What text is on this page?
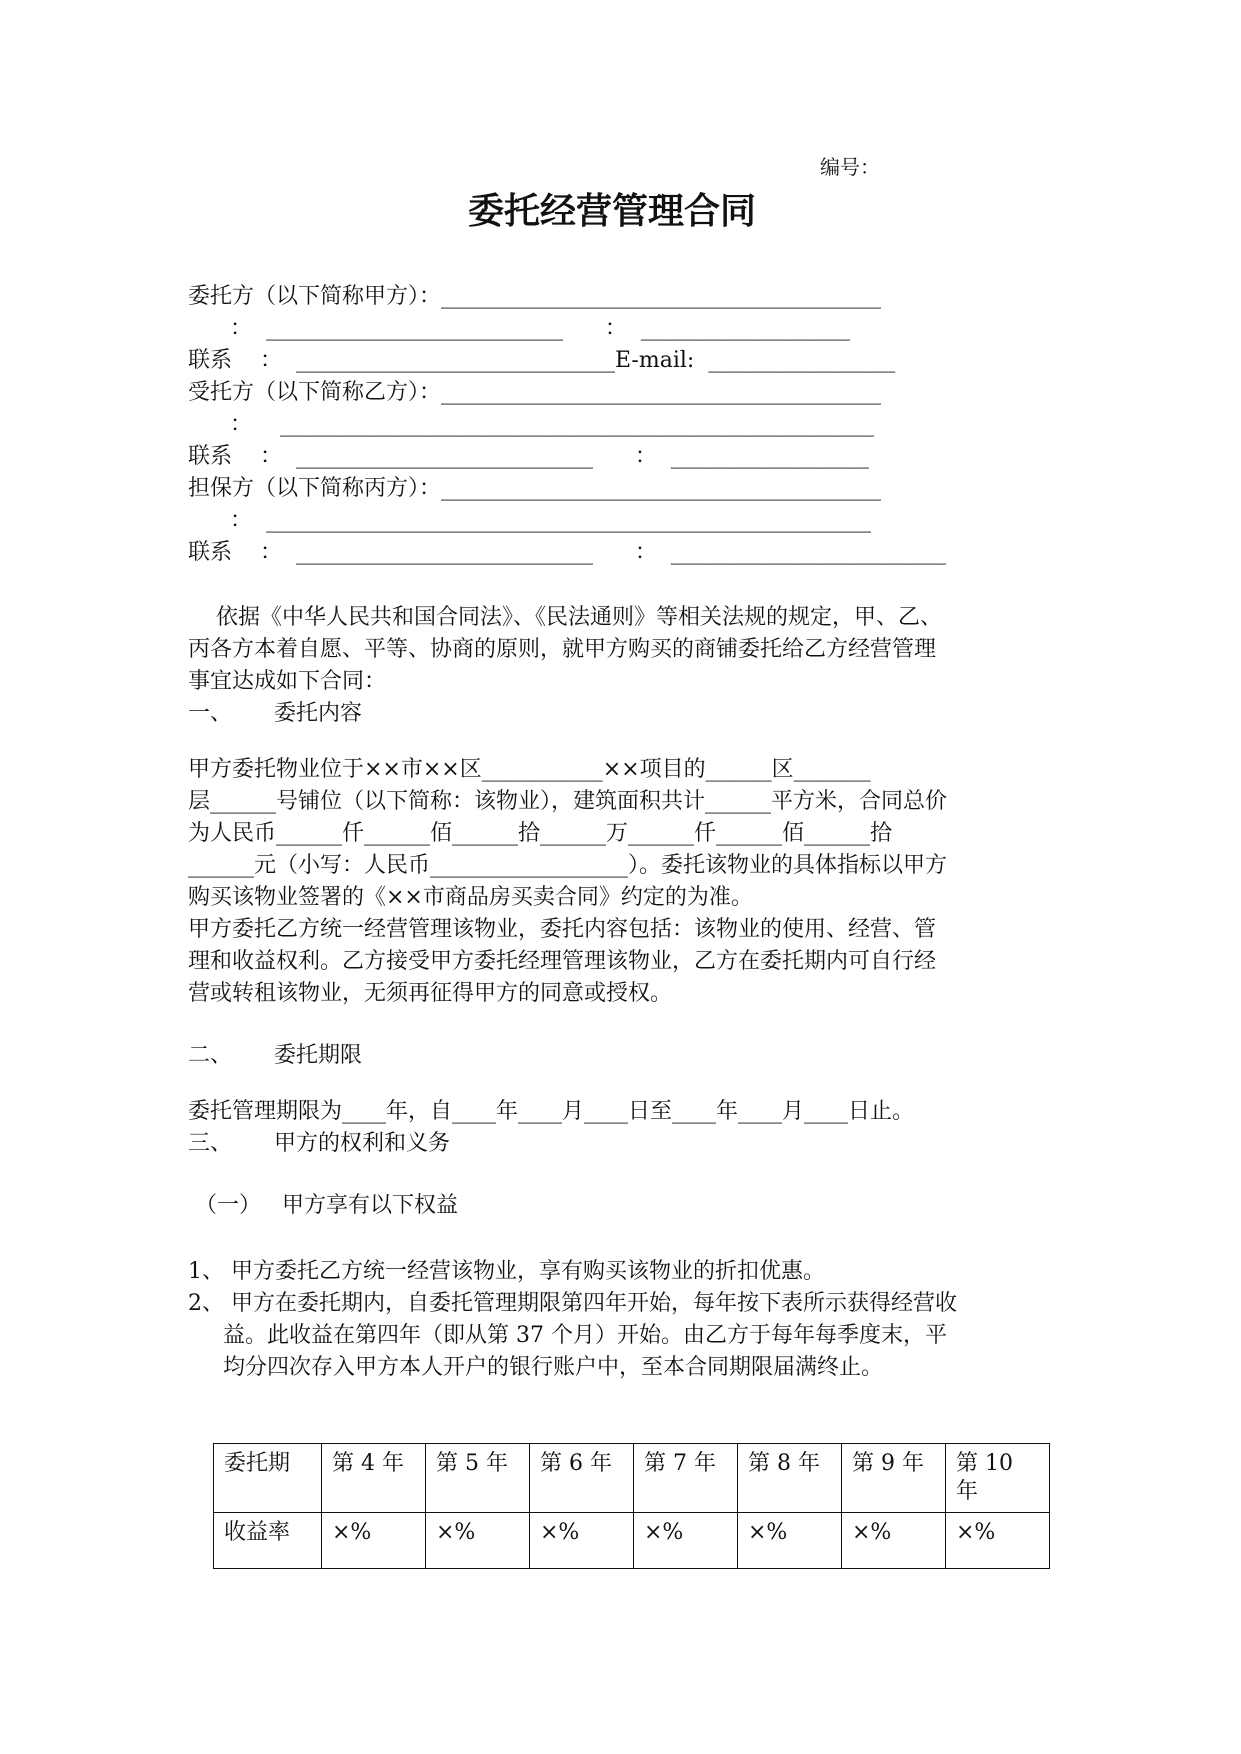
编号：
委托经营管理合同
委托方（以下简称甲方）：________________________________________
：  ___________________________      ：  ___________________
联系    ：  _____________________________E-mail:  _________________
受托方（以下简称乙方）：________________________________________
：    ______________________________________________________
联系    ：  ___________________________      ：  __________________
担保方（以下简称丙方）：________________________________________
：  _______________________________________________________
联系    ：  ___________________________      ：  _________________________
依据《中华人民共和国合同法》、《民法通则》等相关法规的规定，甲、乙、
丙各方本着自愿、平等、协商的原则，就甲方购买的商铺委托给乙方经营管理
事宜达成如下合同：
一、      委托内容
甲方委托物业位于××市××区___________××项目的______区_______
层______号铺位（以下简称：该物业），建筑面积共计______平方米，合同总价
为人民币______仟______佰______拾______万______仟______佰______拾
______元（小写：人民币__________________）。委托该物业的具体指标以甲方
购买该物业签署的《××市商品房买卖合同》约定的为准。
甲方委托乙方统一经营管理该物业，委托内容包括：该物业的使用、经营、管
理和收益权利。乙方接受甲方委托经理管理该物业，乙方在委托期内可自行经
营或转租该物业，无须再征得甲方的同意或授权。
二、      委托期限
委托管理期限为____年，自____年____月____日至____年____月____日止。
三、      甲方的权利和义务
（一）   甲方享有以下权益
1、 甲方委托乙方统一经营该物业，享有购买该物业的折扣优惠。
2、 甲方在委托期内，自委托管理期限第四年开始，每年按下表所示获得经营收
益。此收益在第四年（即从第 37 个月）开始。由乙方于每年每季度末，平
均分四次存入甲方本人开户的银行账户中，至本合同期限届满终止。
委托期	第 4 年	第 5 年	第 6 年	第 7 年	第 8 年	第 9 年	第 10
年
收益率	×%	×%	×%	×%	×%	×%	×%
